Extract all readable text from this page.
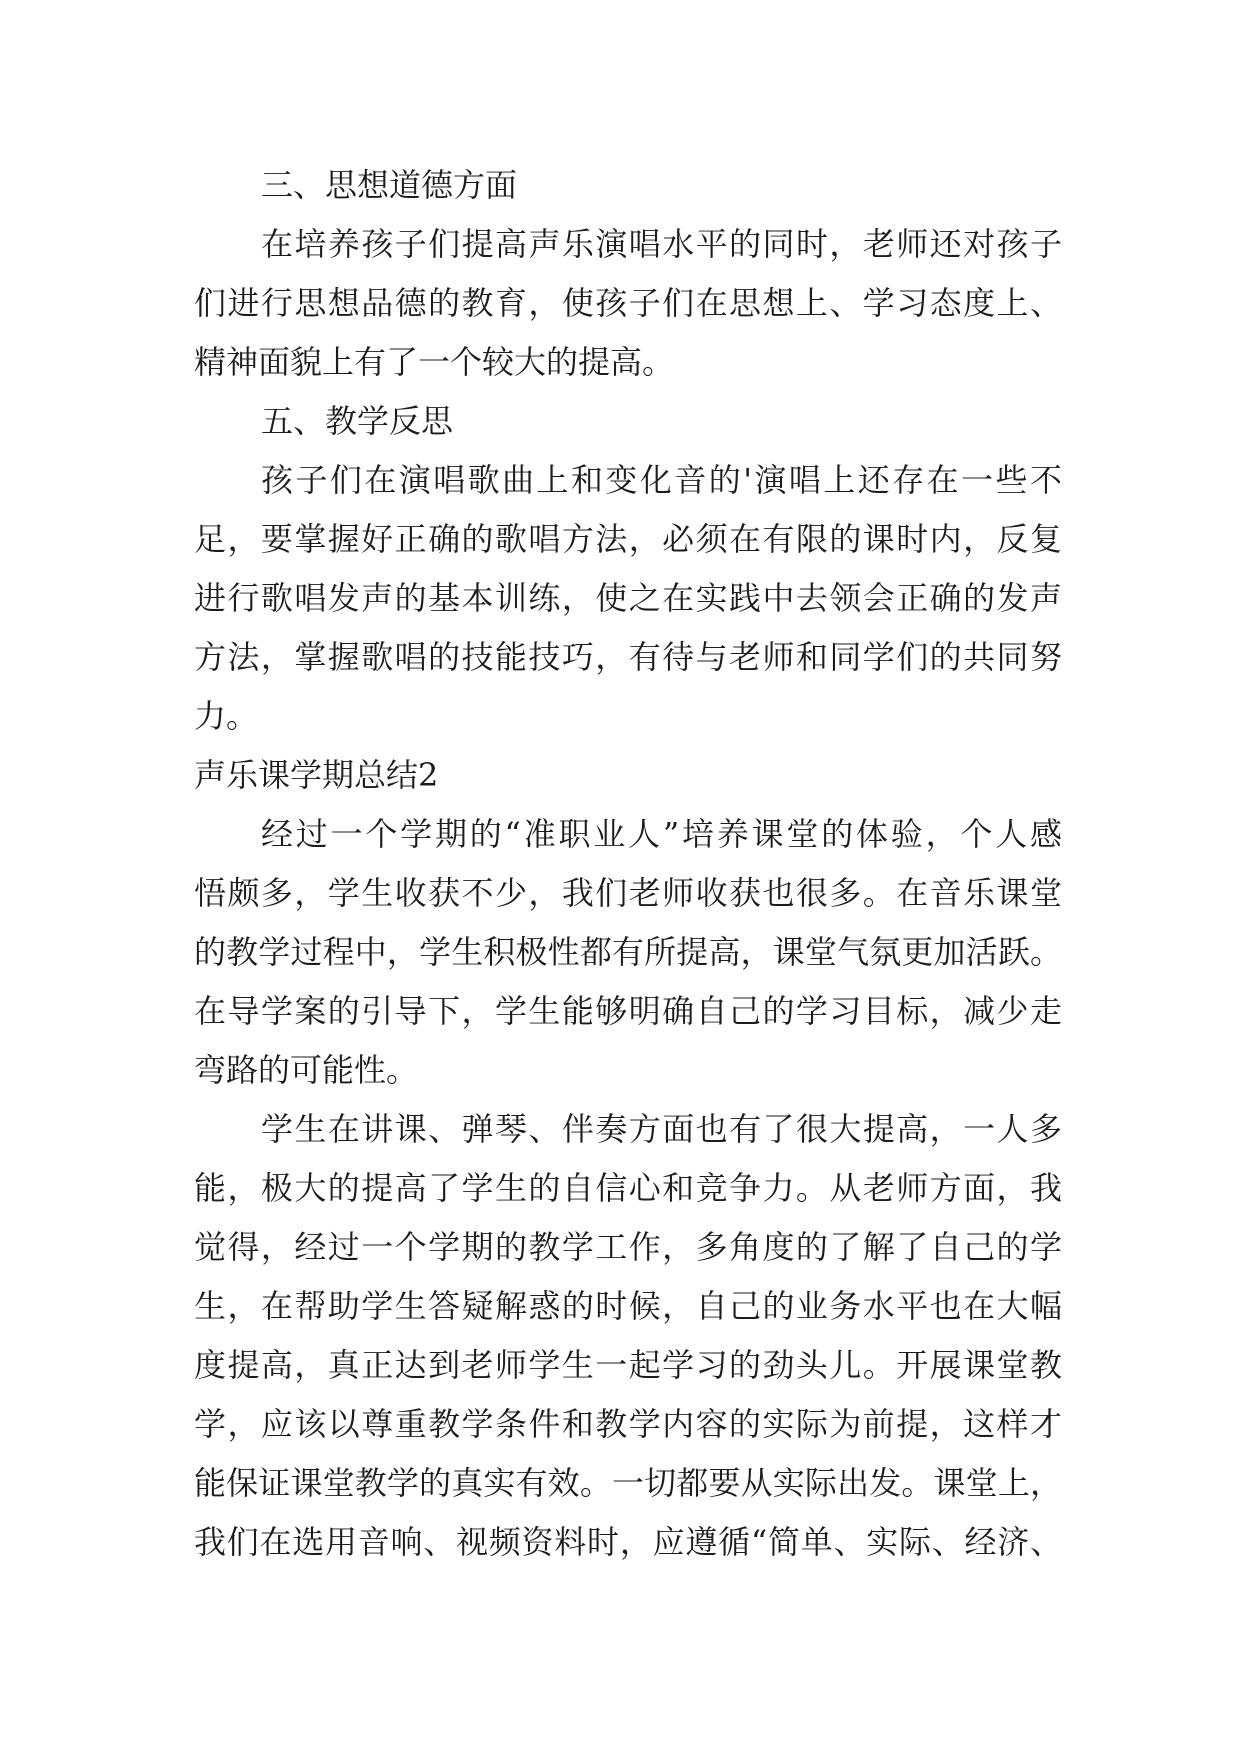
三、思想道德方面
在培养孩子们提高声乐演唱水平的同时，老师还对孩子
们进行思想品德的教育，使孩子们在思想上、学习态度上、
精神面貌上有了一个较大的提高。
五、教学反思
孩子们在演唱歌曲上和变化音的'演唱上还存在一些不
足，要掌握好正确的歌唱方法，必须在有限的课时内，反复
进行歌唱发声的基本训练，使之在实践中去领会正确的发声
方法，掌握歌唱的技能技巧，有待与老师和同学们的共同努
力。
声乐课学期总结2
经过一个学期的“准职业人”培养课堂的体验，个人感
悟颇多，学生收获不少，我们老师收获也很多。在音乐课堂
的教学过程中，学生积极性都有所提高，课堂气氛更加活跃。
在导学案的引导下，学生能够明确自己的学习目标，减少走
弯路的可能性。
学生在讲课、弹琴、伴奏方面也有了很大提高，一人多
能，极大的提高了学生的自信心和竞争力。从老师方面，我
觉得，经过一个学期的教学工作，多角度的了解了自己的学
生，在帮助学生答疑解惑的时候，自己的业务水平也在大幅
度提高，真正达到老师学生一起学习的劲头儿。开展课堂教
学，应该以尊重教学条件和教学内容的实际为前提，这样才
能保证课堂教学的真实有效。一切都要从实际出发。课堂上，
我们在选用音响、视频资料时，应遵循“简单、实际、经济、
